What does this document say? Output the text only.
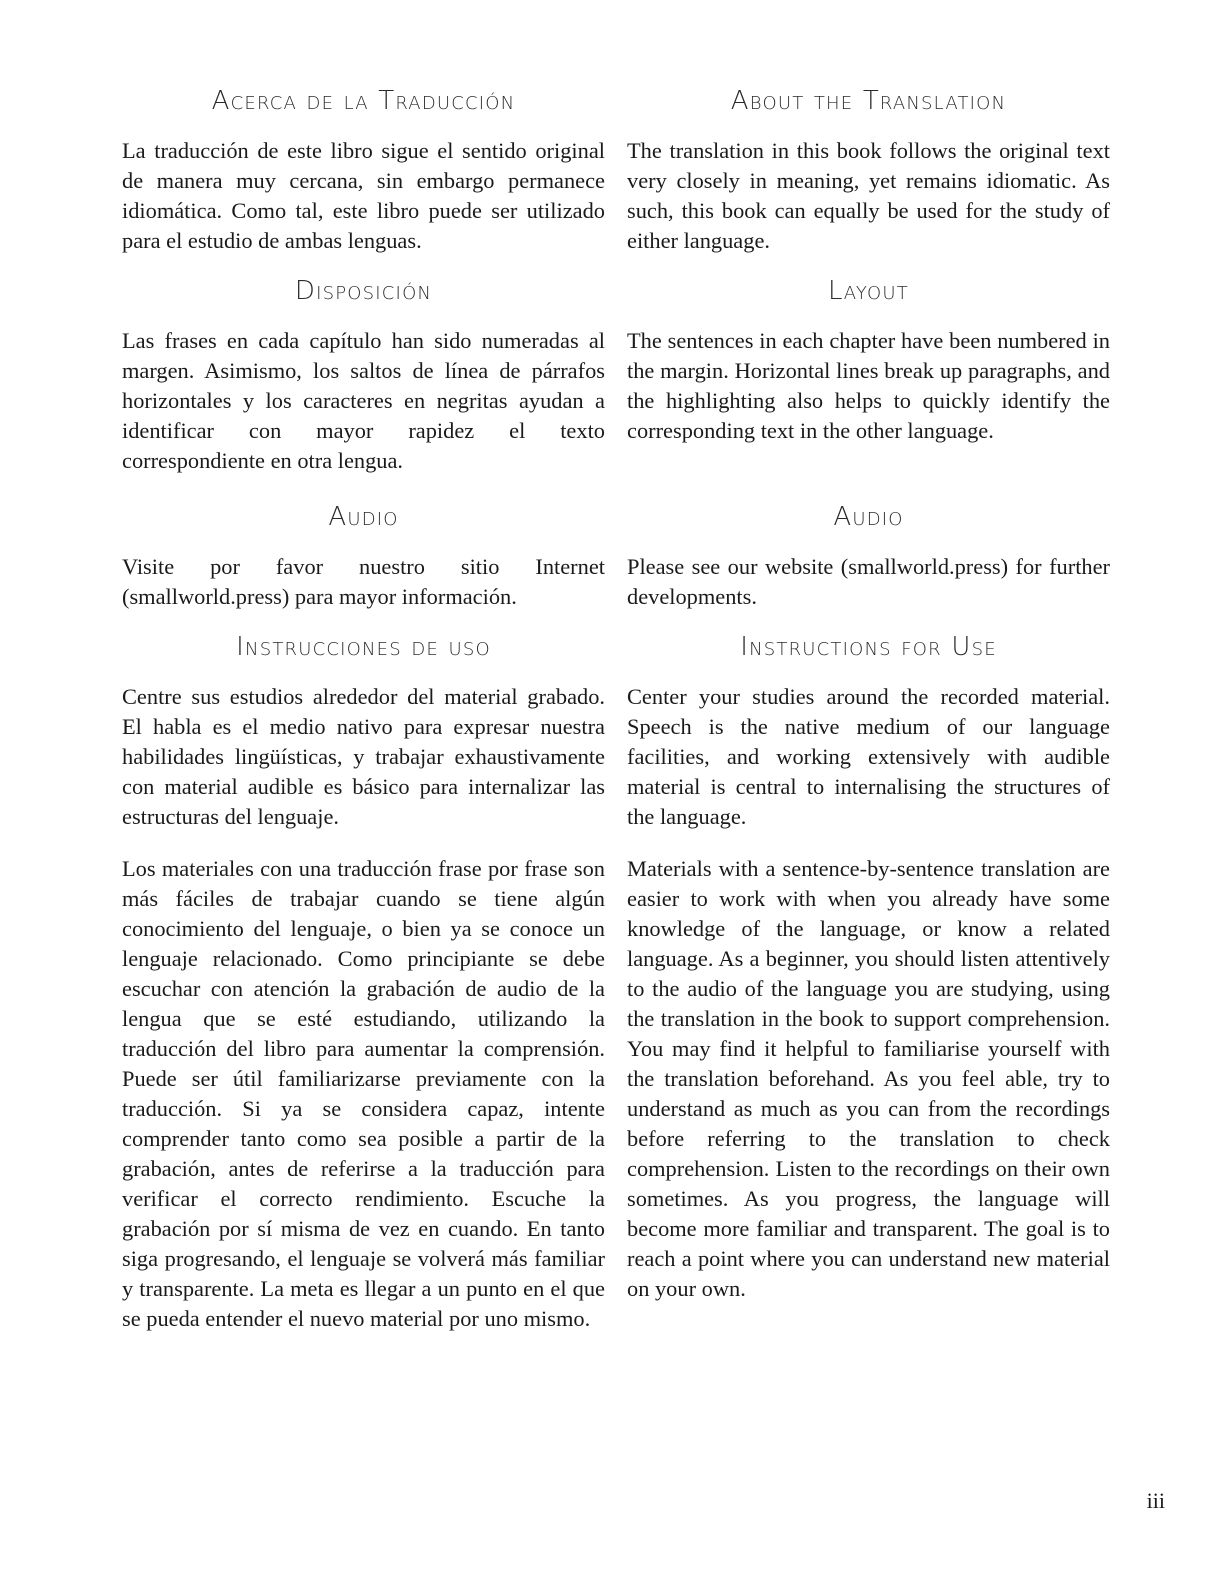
Acerca de la Traducción

La traducción de este libro sigue el sentido original de manera muy cercana, sin embargo permanece idiomática. Como tal, este libro puede ser utilizado para el estudio de ambas lenguas.

About the Translation

The translation in this book follows the original text very closely in meaning, yet remains idiomatic. As such, this book can equally be used for the study of either language.

Disposición

Las frases en cada capítulo han sido numeradas al margen. Asimismo, los saltos de línea de párrafos horizontales y los caracteres en negritas ayudan a identificar con mayor rapidez el texto correspondiente en otra lengua.

Layout

The sentences in each chapter have been numbered in the margin. Horizontal lines break up paragraphs, and the highlighting also helps to quickly identify the corresponding text in the other language.

Audio

Visite por favor nuestro sitio Internet (smallworld.press) para mayor información.

Audio

Please see our website (smallworld.press) for further developments.

Instrucciones de uso

Centre sus estudios alrededor del material grabado. El habla es el medio nativo para expresar nuestra habilidades lingüísticas, y trabajar exhaustivamente con material audible es básico para internalizar las estructuras del lenguaje.

Instructions for Use

Center your studies around the recorded material. Speech is the native medium of our language facilities, and working extensively with audible material is central to internalising the structures of the language.

Los materiales con una traducción frase por frase son más fáciles de trabajar cuando se tiene algún conocimiento del lenguaje, o bien ya se conoce un lenguaje relacionado. Como principiante se debe escuchar con atención la grabación de audio de la lengua que se esté estudiando, utilizando la traducción del libro para aumentar la comprensión. Puede ser útil familiarizarse previamente con la traducción. Si ya se considera capaz, intente comprender tanto como sea posible a partir de la grabación, antes de referirse a la traducción para verificar el correcto rendimiento. Escuche la grabación por sí misma de vez en cuando. En tanto siga progresando, el lenguaje se volverá más familiar y transparente. La meta es llegar a un punto en el que se pueda entender el nuevo material por uno mismo.

Materials with a sentence-by-sentence translation are easier to work with when you already have some knowledge of the language, or know a related language. As a beginner, you should listen attentively to the audio of the language you are studying, using the translation in the book to support comprehension. You may find it helpful to familiarise yourself with the translation beforehand. As you feel able, try to understand as much as you can from the recordings before referring to the translation to check comprehension. Listen to the recordings on their own sometimes. As you progress, the language will become more familiar and transparent. The goal is to reach a point where you can understand new material on your own.

iii
